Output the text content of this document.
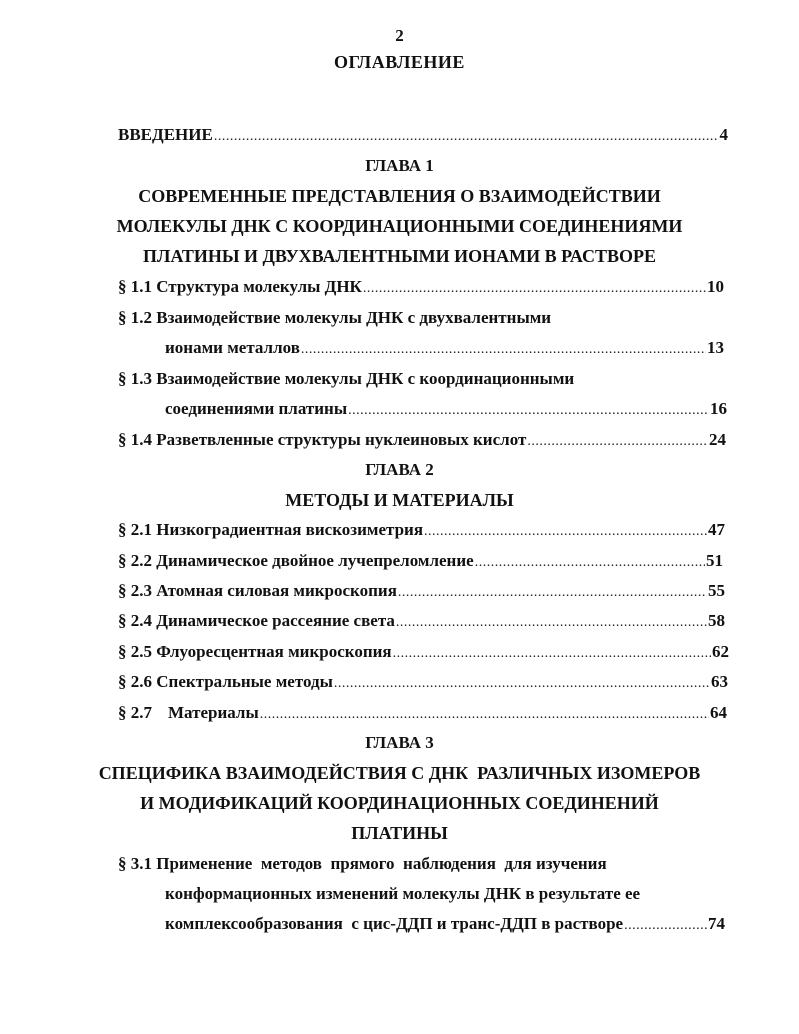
2
ОГЛАВЛЕНИЕ
ВВЕДЕНИЕ .....	4
ГЛАВА 1
СОВРЕМЕННЫЕ ПРЕДСТАВЛЕНИЯ О ВЗАИМОДЕЙСТВИИ
МОЛЕКУЛЫ ДНК С КООРДИНАЦИОННЫМИ СОЕДИНЕНИЯМИ
ПЛАТИНЫ И ДВУХВАЛЕНТНЫМИ ИОНАМИ В РАСТВОРЕ
§ 1.1 Структура молекулы ДНК .....	10
§ 1.2 Взаимодействие молекулы ДНК с двухвалентными
ионами металлов .....	13
§ 1.3 Взаимодействие молекулы ДНК с координационными
соединениями платины .....	16
§ 1.4 Разветвленные структуры нуклеиновых кислот .....	24
ГЛАВА 2
МЕТОДЫ И МАТЕРИАЛЫ
§ 2.1 Низкоградиентная вискозиметрия .....	47
§ 2.2 Динамическое двойное лучепреломление .....	51
§ 2.3 Атомная силовая микроскопия .....	55
§ 2.4 Динамическое рассеяние света .....	58
§ 2.5 Флуоресцентная микроскопия .....	62
§ 2.6 Спектральные методы .....	63
§ 2.7 Материалы .....	64
ГЛАВА 3
СПЕЦИФИКА ВЗАИМОДЕЙСТВИЯ С ДНК  РАЗЛИЧНЫХ ИЗОМЕРОВ
И МОДИФИКАЦИЙ КООРДИНАЦИОННЫХ СОЕДИНЕНИЙ
ПЛАТИНЫ
§ 3.1 Применение  методов  прямого  наблюдения  для изучения
конформационных изменений молекулы ДНК в результате ее
комплексообразования  с цис-ДДП и транс-ДДП в растворе .....	74
